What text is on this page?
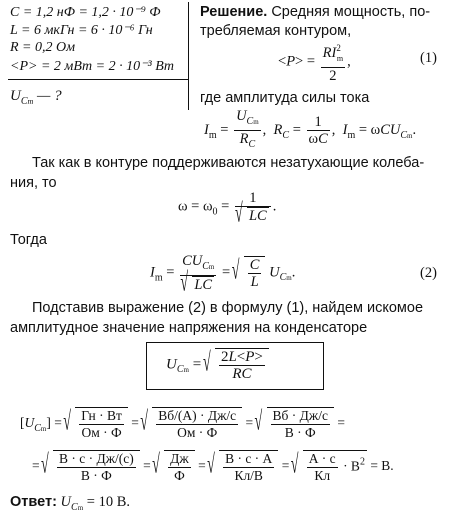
C = 1,2 нФ = 1,2 · 10⁻⁹ Ф
L = 6 мкГн = 6 · 10⁻⁶ Гн
R = 0,2 Ом
<P> = 2 мВт = 2 · 10⁻³ Вт
$U_{Cm}$ — ?
Решение. Средняя мощность, по-
требляемая контуром,
$<P> = \frac{RI^2_m}{2}$ ,	(1)
где амплитуда силы тока
$I_m = \frac{U_{Cm}}{R_C}$ ,  $R_C = \frac{1}{\omega C}$ ,  $I_m = \omega CU_{Cm}$.
Так как в контуре поддерживаются незатухающие колеба-
ния, то
$\omega = \omega_0 = 1$
√ LC .
Тогда
$I_m = CU_{Cm}$
√ LC = √ $\frac{C}{L} U_{Cm}$.	(2)
Подставив выражение (2) в формулу (1), найдем искомое
амплитудное значение напряжения на конденсаторе
$U_{Cm}$ = √ $\frac{2L<P>}{RC}$
$[U_{Cm}]$ = √ $\frac{Гн \cdot Вт}{Ом \cdot Ф}$ = √ $\frac{Вб/(А) \cdot Дж/с}{Ом \cdot Ф}$ = √ $\frac{Вб \cdot Дж/с}{В \cdot Ф}$ =
= √ $\frac{В \cdot с \cdot Дж/(с)}{В \cdot Ф}$ = √ $\frac{Дж}{Ф}$ = √ $\frac{В \cdot с \cdot А}{Кл/В}$ = √ $\frac{А \cdot с}{Кл} \cdot В^2 = В$.
Ответ: $U_{Cm} = 10$ В.
